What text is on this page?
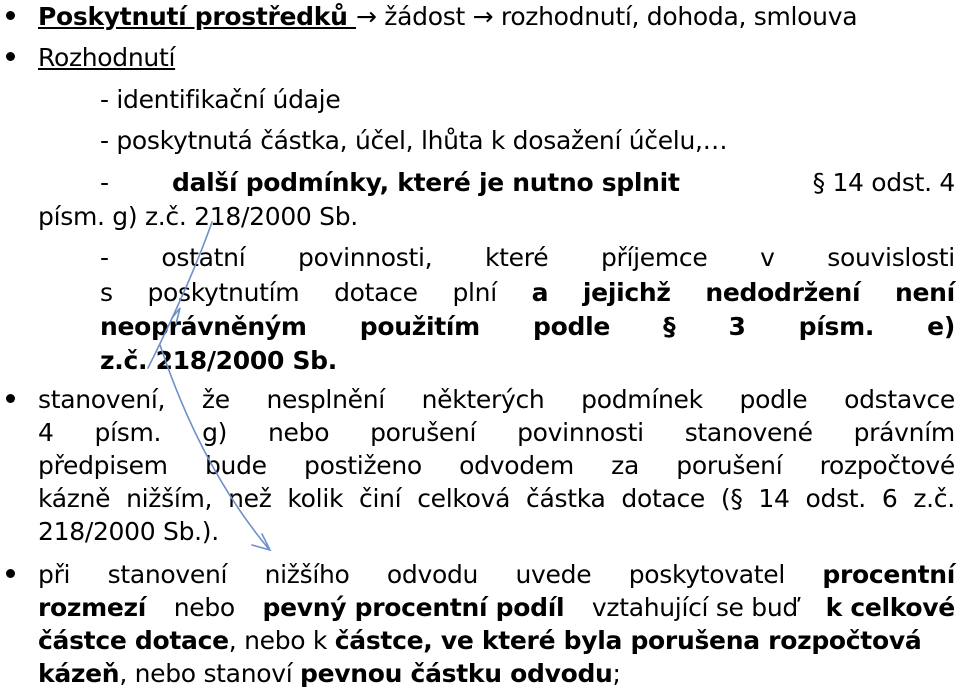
Poskytnutí prostředků → žádost → rozhodnutí, dohoda, smlouva
Rozhodnutí
- identifikační údaje
- poskytnutá částka, účel, lhůta k dosažení účelu,…
-	další podmínky, které je nutno splnit	§ 14 odst. 4
písm. g) z.č. 218/2000 Sb.
- ostatní povinnosti, které příjemce v souvislosti
s poskytnutím dotace plní a jejichž nedodržení není
neoprávněným použitím podle § 3 písm. e)
z.č. 218/2000 Sb.
stanovení, že nesplnění některých podmínek podle odstavce
4 písm. g) nebo porušení povinnosti stanovené právním
předpisem bude postiženo odvodem za porušení rozpočtové
kázně nižším, než kolik činí celková částka dotace (§ 14 odst. 6 z.č.
218/2000 Sb.).
při stanovení nižšího odvodu uvede poskytovatel procentní
rozmezí nebo pevný procentní podíl vztahující se buď k celkové
částce dotace, nebo k částce, ve které byla porušena rozpočtová
kázeň, nebo stanoví pevnou částku odvodu;
